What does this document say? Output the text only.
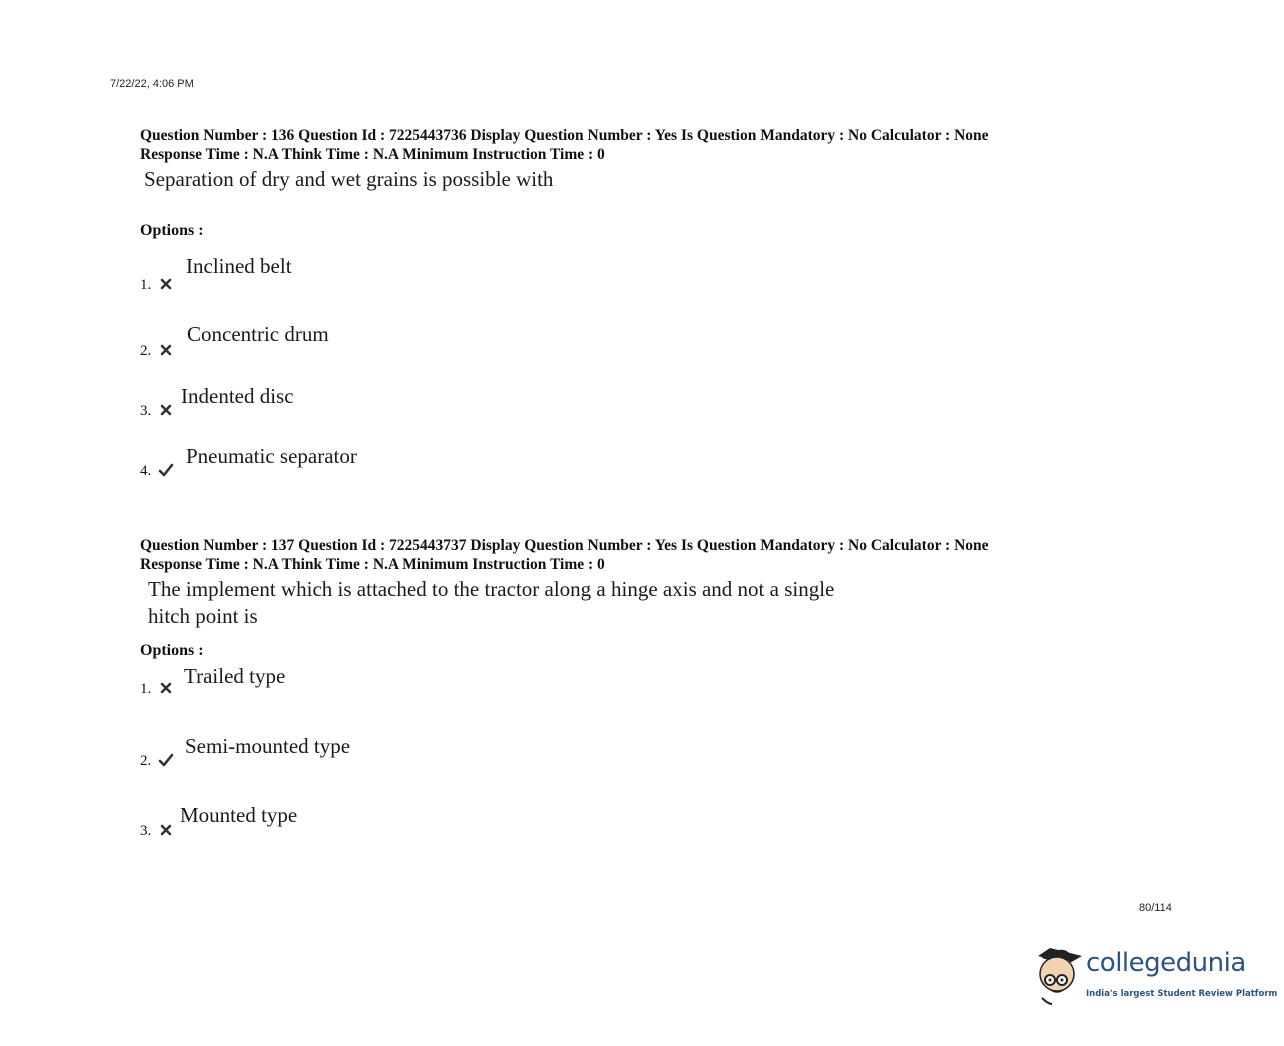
7/22/22, 4:06 PM
Question Number : 136 Question Id : 7225443736 Display Question Number : Yes Is Question Mandatory : No Calculator : None
Response Time : N.A Think Time : N.A Minimum Instruction Time : 0
Separation of dry and wet grains is possible with
Options :
1.
Inclined belt
2.
Concentric drum
3.
Indented disc
4.
Pneumatic separator
Question Number : 137 Question Id : 7225443737 Display Question Number : Yes Is Question Mandatory : No Calculator : None
Response Time : N.A Think Time : N.A Minimum Instruction Time : 0
The implement which is attached to the tractor along a hinge axis and not a single
hitch point is
Options :
1.
Trailed type
2.
Semi-mounted type
3.
Mounted type
80/114
collegedunia
India's largest Student Review Platform
